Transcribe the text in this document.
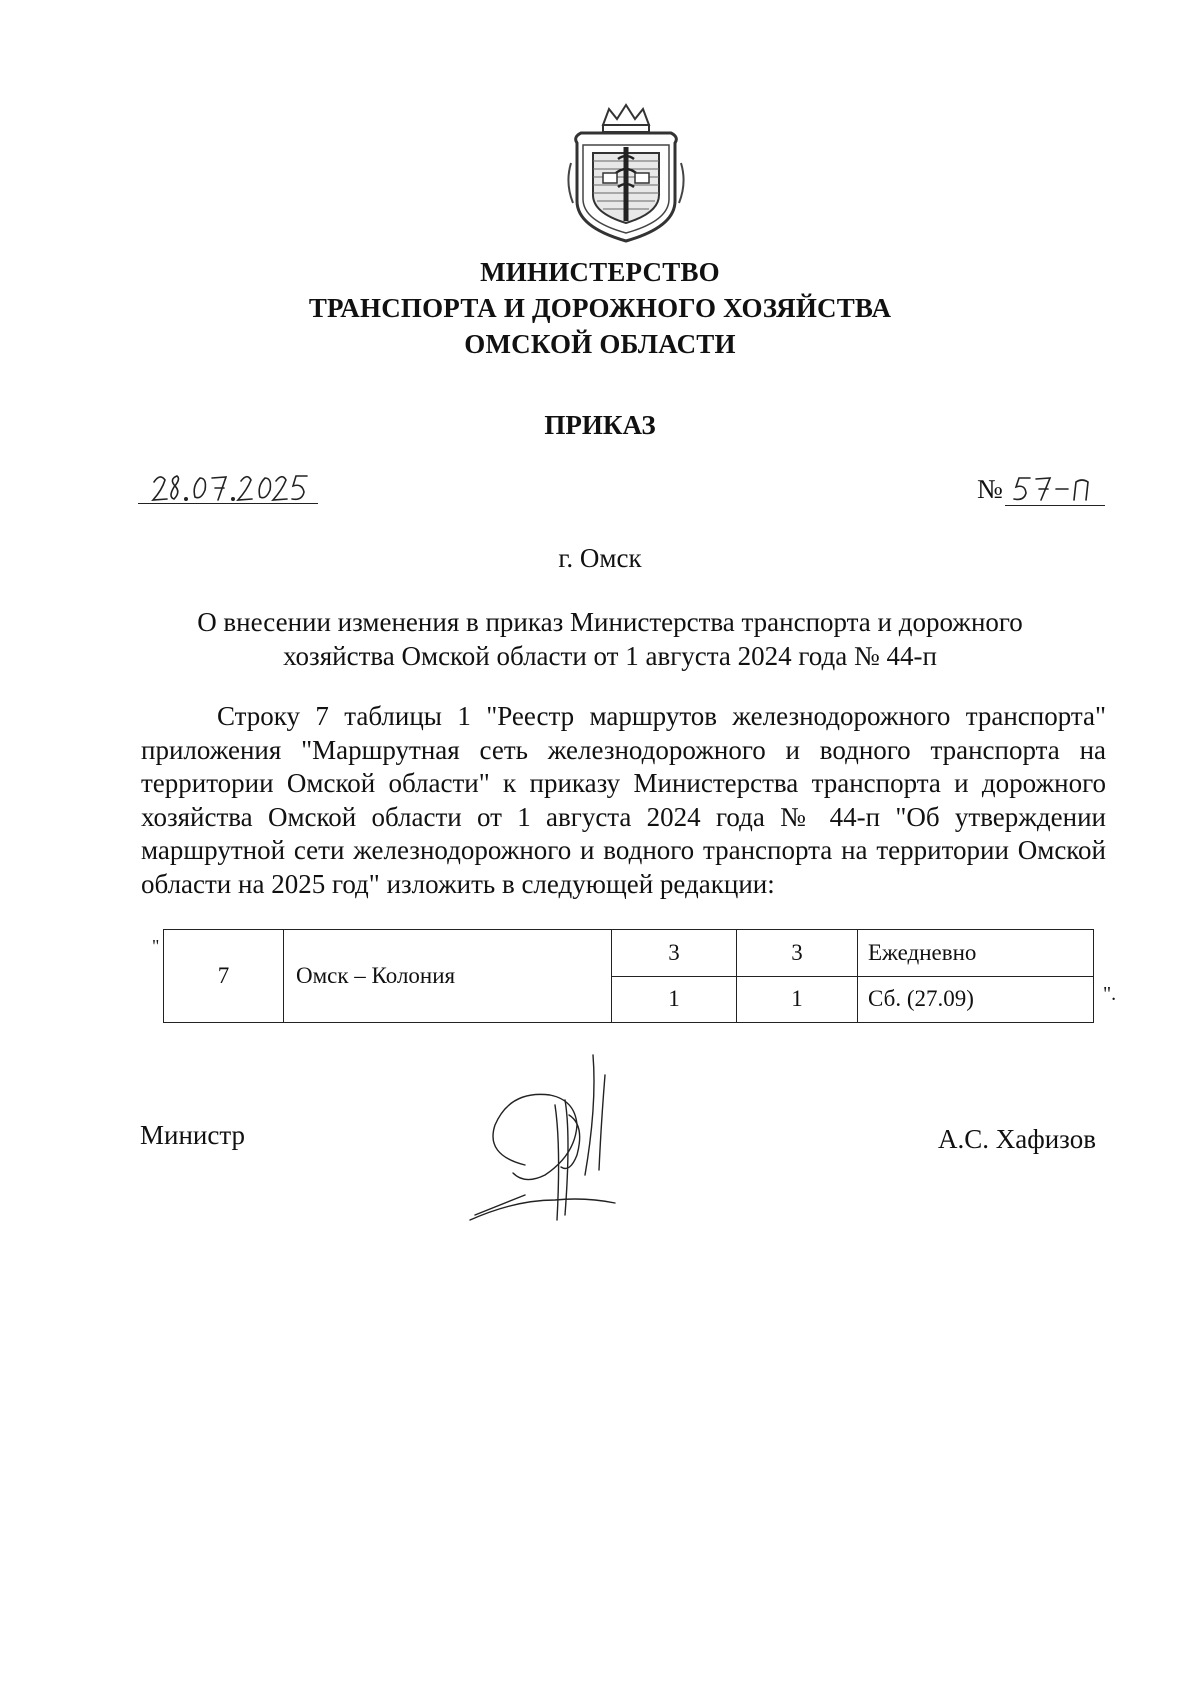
МИНИСТЕРСТВО
ТРАНСПОРТА И ДОРОЖНОГО ХОЗЯЙСТВА
ОМСКОЙ ОБЛАСТИ
ПРИКАЗ
№
г. Омск
О внесении изменения в приказ Министерства транспорта и дорожного хозяйства Омской области от 1 августа 2024 года № 44-п

Строку 7 таблицы 1 "Реестр маршрутов железнодорожного транспорта" приложения "Маршрутная сеть железнодорожного и водного транспорта на территории Омской области" к приказу Министерства транспорта и дорожного хозяйства Омской области от 1 августа 2024 года № 44-п "Об утверждении маршрутной сети железнодорожного и водного транспорта на территории Омской области на 2025 год" изложить в следующей редакции:

"
7	Омск – Колония	3	3	Ежедневно
		1	1	Сб. (27.09)	".
Министр	А.С. Хафизов
